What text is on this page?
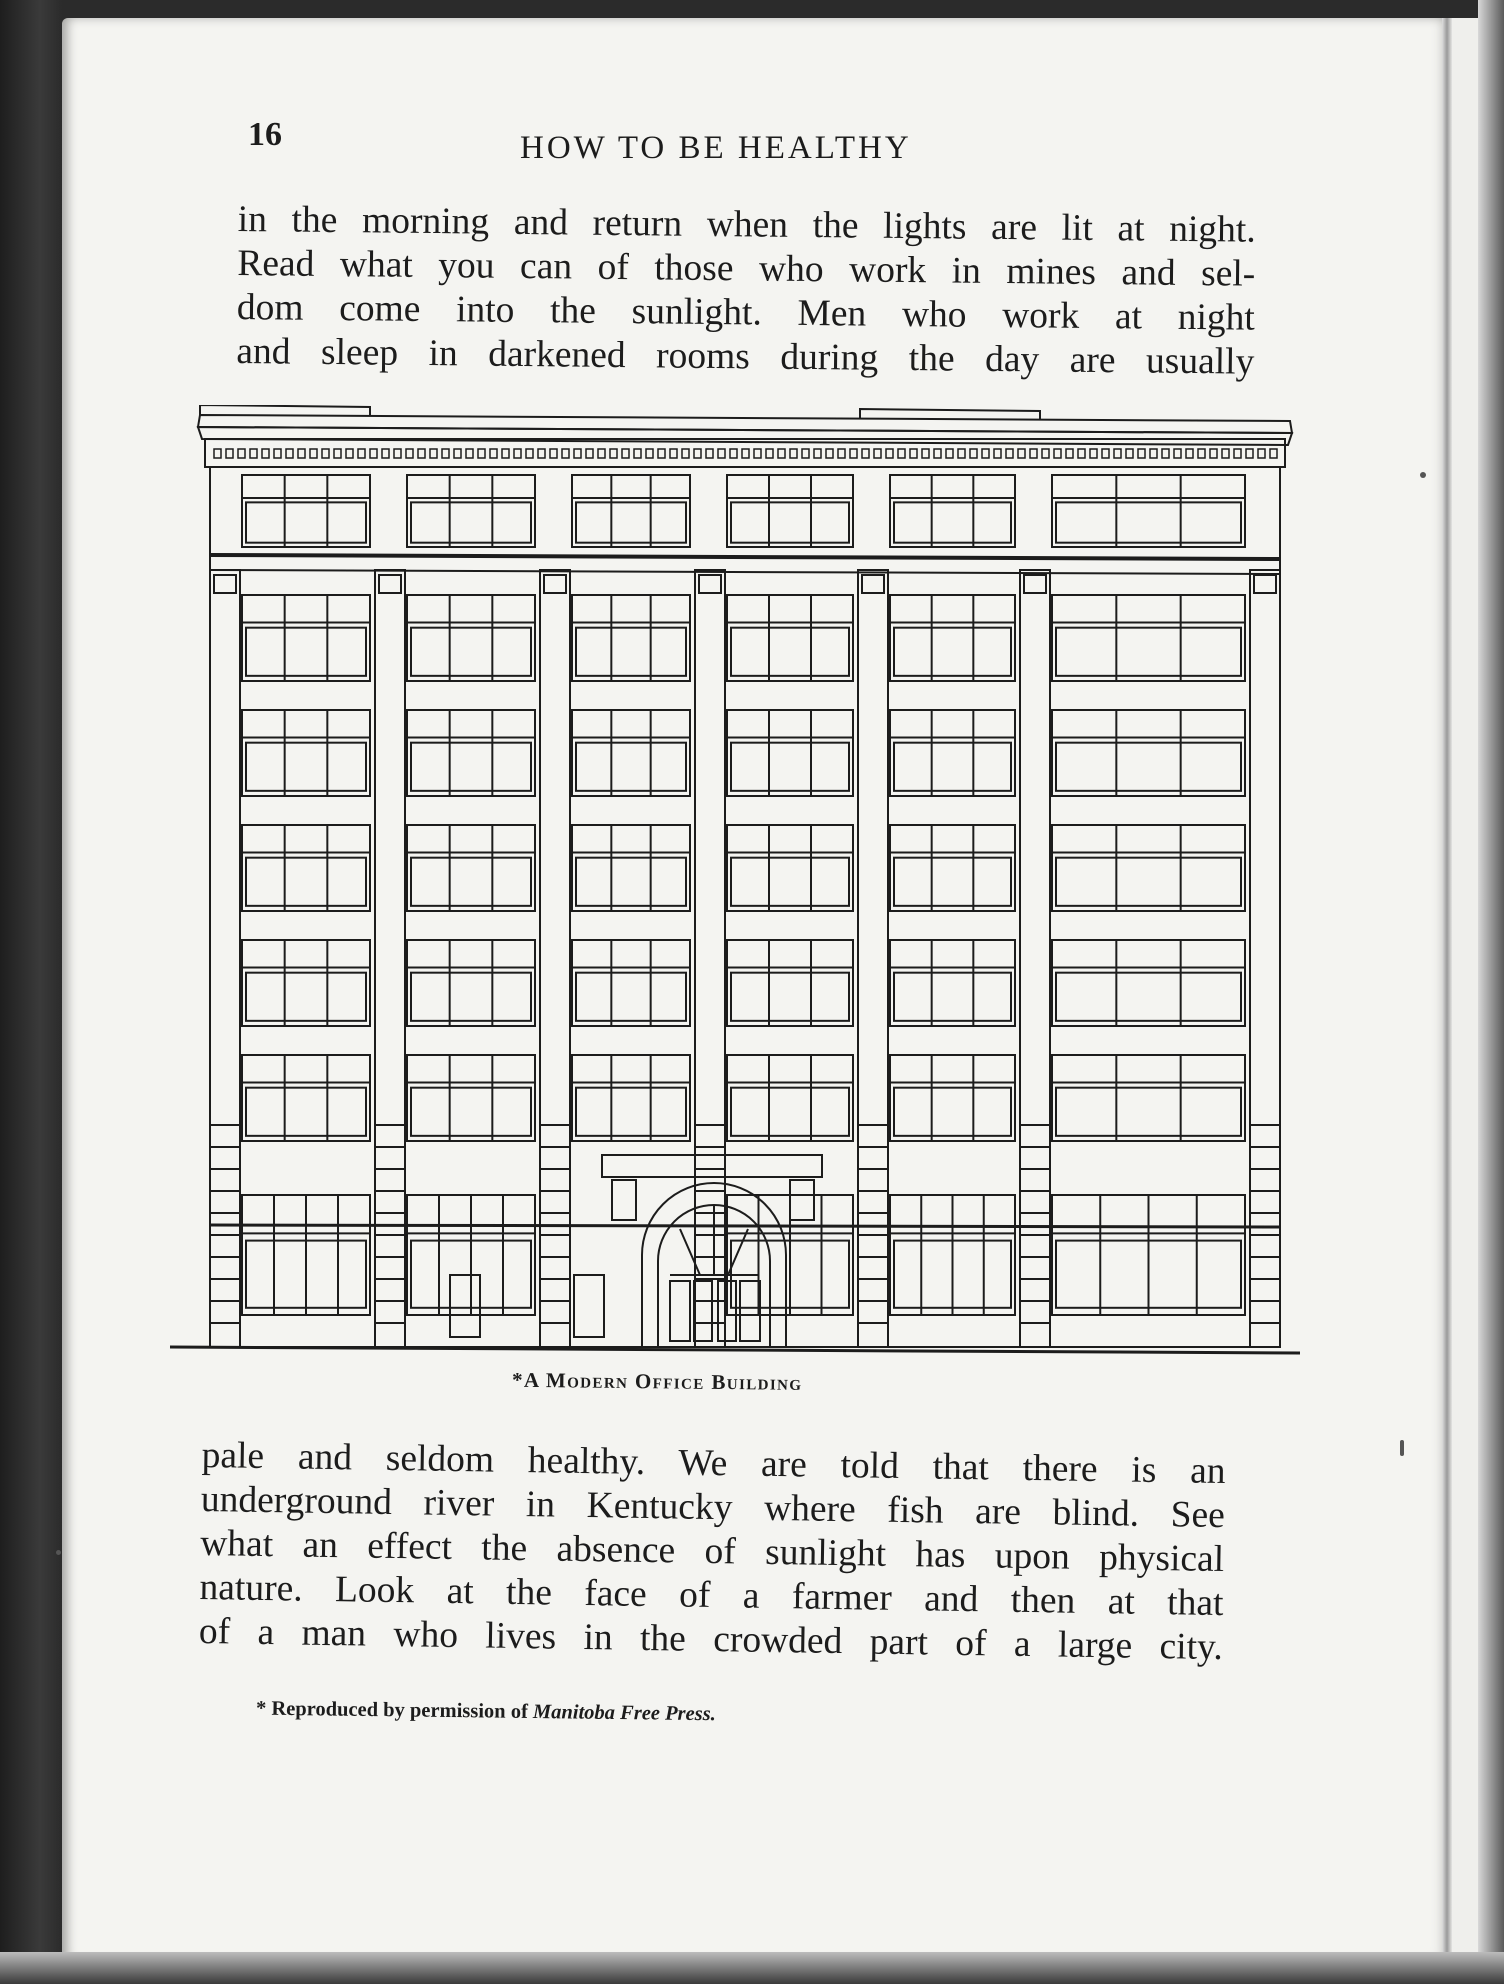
16	HOW TO BE HEALTHY
in the morning and return when the lights are lit at night.
Read what you can of those who work in mines and sel-
dom come into the sunlight. Men who work at night
and sleep in darkened rooms during the day are usually
*A Modern Office Building
pale and seldom healthy. We are told that there is an
underground river in Kentucky where fish are blind. See
what an effect the absence of sunlight has upon physical
nature. Look at the face of a farmer and then at that
of a man who lives in the crowded part of a large city.
* Reproduced by permission of Manitoba Free Press.
